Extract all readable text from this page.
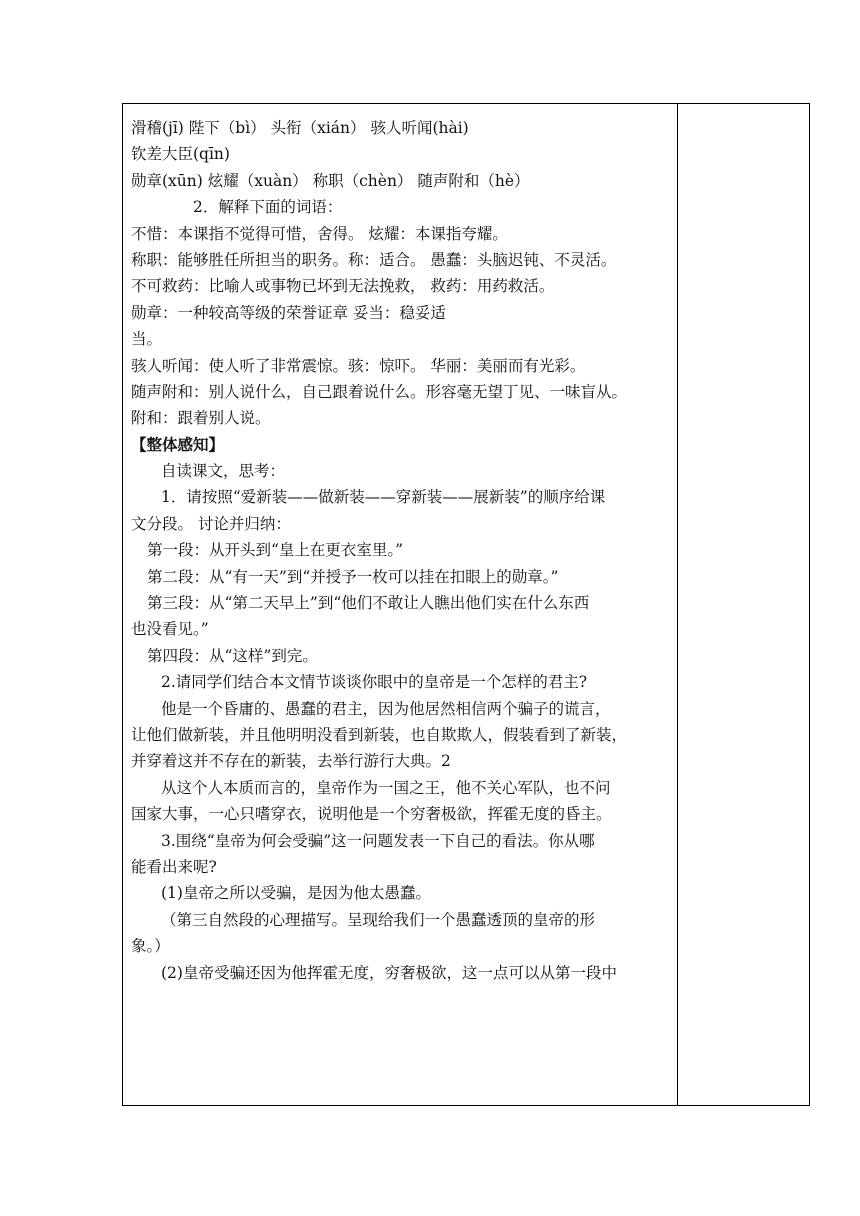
滑稽(jī) 陛下（bì） 头衔（xián） 骇人听闻(hài)
钦差大臣(qīn)
勋章(xūn) 炫耀（xuàn） 称职（chèn） 随声附和（hè）
2．解释下面的词语：
不惜：本课指不觉得可惜，舍得。 炫耀：本课指夸耀。
称职：能够胜任所担当的职务。称：适合。 愚蠢：头脑迟钝、不灵活。
不可救药：比喻人或事物已坏到无法挽救， 救药：用药救活。
勋章：一种较高等级的荣誉证章 妥当：稳妥适
当。
骇人听闻：使人听了非常震惊。骇：惊吓。 华丽：美丽而有光彩。
随声附和：别人说什么，自己跟着说什么。形容毫无望丁见、一味盲从。
附和：跟着别人说。
【整体感知】
自读课文，思考：
1．请按照“爱新装——做新装——穿新装——展新装”的顺序给课
文分段。 讨论并归纳：
第一段：从开头到“皇上在更衣室里。”
第二段：从“有一天”到“并授予一枚可以挂在扣眼上的勋章。”
第三段：从“第二天早上”到“他们不敢让人瞧出他们实在什么东西
也没看见。”
第四段：从“这样”到完。
2.请同学们结合本文情节谈谈你眼中的皇帝是一个怎样的君主?
他是一个昏庸的、愚蠢的君主，因为他居然相信两个骗子的谎言，
让他们做新装，并且他明明没看到新装，也自欺欺人，假装看到了新装，
并穿着这并不存在的新装，去举行游行大典。2
从这个人本质而言的，皇帝作为一国之王，他不关心军队，也不问
国家大事，一心只嗜穿衣，说明他是一个穷奢极欲，挥霍无度的昏主。
3.围绕“皇帝为何会受骗”这一问题发表一下自己的看法。你从哪
能看出来呢?
(1)皇帝之所以受骗，是因为他太愚蠢。
（第三自然段的心理描写。呈现给我们一个愚蠢透顶的皇帝的形
象。）
(2)皇帝受骗还因为他挥霍无度，穷奢极欲，这一点可以从第一段中
